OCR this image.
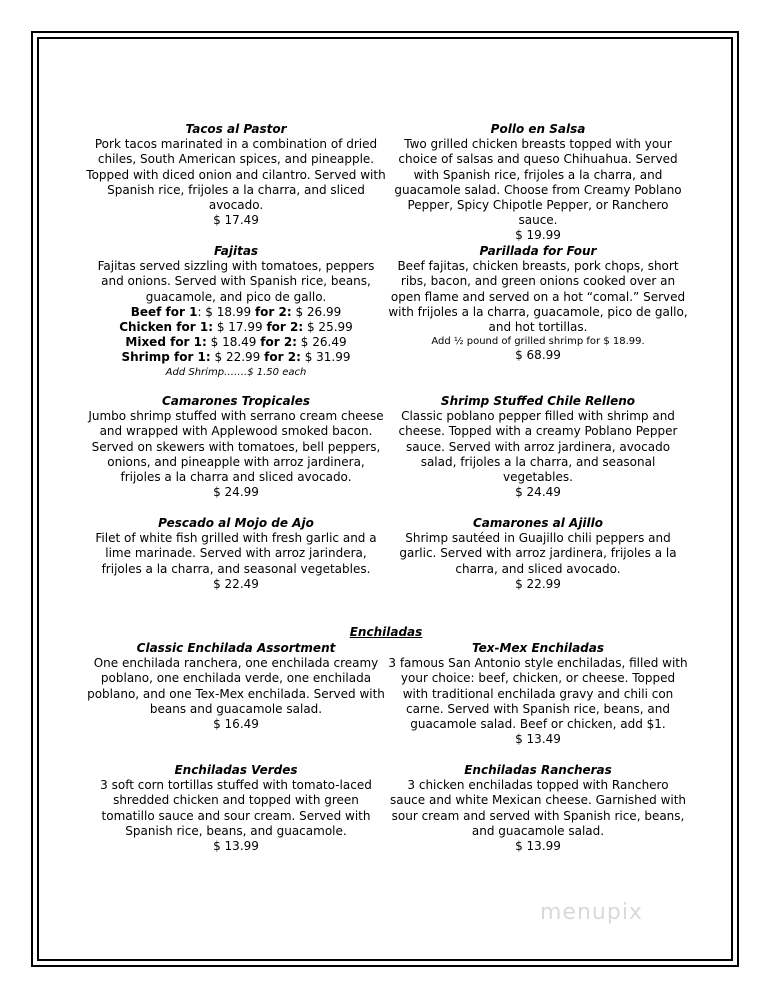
Tacos al Pastor
Pork tacos marinated in a combination of dried chiles, South American spices, and pineapple. Topped with diced onion and cilantro. Served with Spanish rice, frijoles a la charra, and sliced avocado.
$ 17.49
Pollo en Salsa
Two grilled chicken breasts topped with your choice of salsas and queso Chihuahua. Served with Spanish rice, frijoles a la charra, and guacamole salad. Choose from Creamy Poblano Pepper, Spicy Chipotle Pepper, or Ranchero sauce.
$ 19.99
Fajitas
Fajitas served sizzling with tomatoes, peppers and onions. Served with Spanish rice, beans, guacamole, and pico de gallo.
Beef for 1: $ 18.99 for 2: $ 26.99
Chicken for 1: $ 17.99 for 2: $ 25.99
Mixed for 1: $ 18.49 for 2: $ 26.49
Shrimp for 1: $ 22.99 for 2: $ 31.99
Add Shrimp…….$ 1.50 each
Parillada for Four
Beef fajitas, chicken breasts, pork chops, short ribs, bacon, and green onions cooked over an open flame and served on a hot “comal.” Served with frijoles a la charra, guacamole, pico de gallo, and hot tortillas.
Add ½ pound of grilled shrimp for $ 18.99.
$ 68.99
Camarones Tropicales
Jumbo shrimp stuffed with serrano cream cheese and wrapped with Applewood smoked bacon. Served on skewers with tomatoes, bell peppers, onions, and pineapple with arroz jardinera, frijoles a la charra and sliced avocado.
$ 24.99
Shrimp Stuffed Chile Relleno
Classic poblano pepper filled with shrimp and cheese. Topped with a creamy Poblano Pepper sauce. Served with arroz jardinera, avocado salad, frijoles a la charra, and seasonal vegetables.
$ 24.49
Pescado al Mojo de Ajo
Filet of white fish grilled with fresh garlic and a lime marinade. Served with arroz jarindera, frijoles a la charra, and seasonal vegetables.
$ 22.49
Camarones al Ajillo
Shrimp sautéed in Guajillo chili peppers and garlic. Served with arroz jardinera, frijoles a la charra, and sliced avocado.
$ 22.99
Enchiladas
Classic Enchilada Assortment
One enchilada ranchera, one enchilada creamy poblano, one enchilada verde, one enchilada poblano, and one Tex-Mex enchilada. Served with beans and guacamole salad.
$ 16.49
Tex-Mex Enchiladas
3 famous San Antonio style enchiladas, filled with your choice: beef, chicken, or cheese. Topped with traditional enchilada gravy and chili con carne. Served with Spanish rice, beans, and guacamole salad. Beef or chicken, add $1.
$ 13.49
Enchiladas Verdes
3 soft corn tortillas stuffed with tomato-laced shredded chicken and topped with green tomatillo sauce and sour cream. Served with Spanish rice, beans, and guacamole.
$ 13.99
Enchiladas Rancheras
3 chicken enchiladas topped with Ranchero sauce and white Mexican cheese. Garnished with sour cream and served with Spanish rice, beans, and guacamole salad.
$ 13.99
menupix
